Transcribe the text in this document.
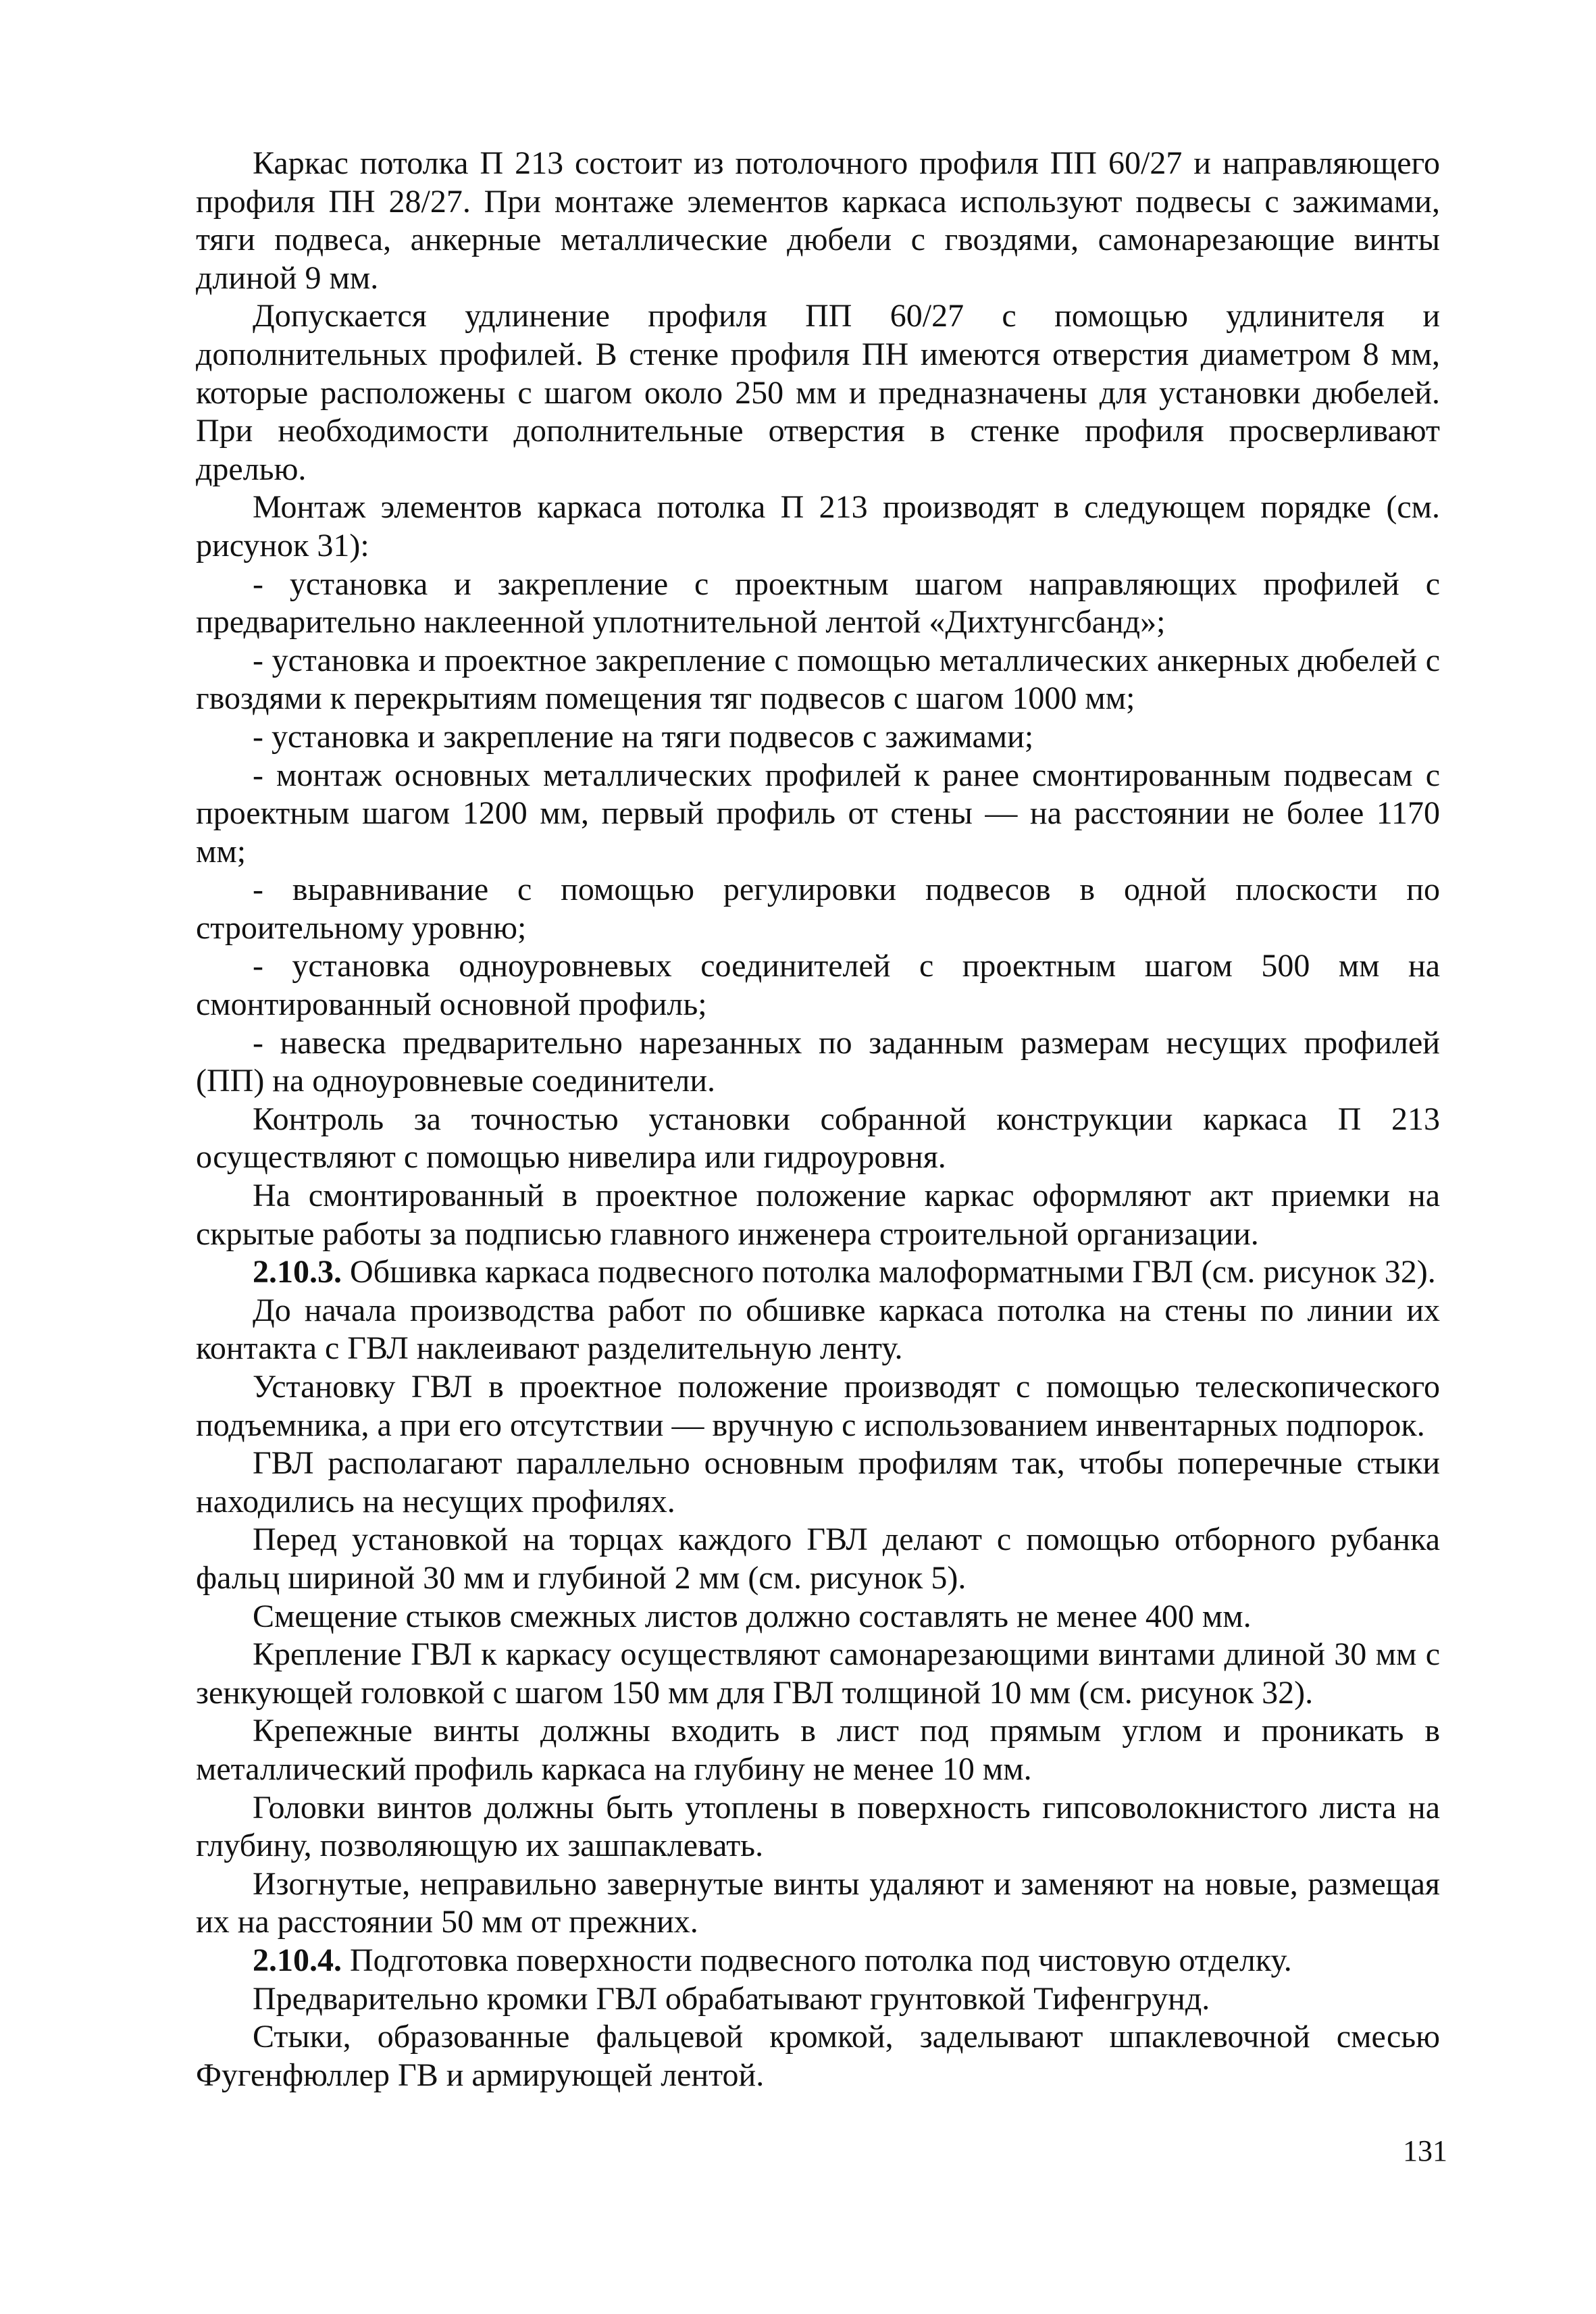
Каркас потолка П 213 состоит из потолочного профиля ПП 60/27 и направляющего профиля ПН 28/27. При монтаже элементов каркаса используют подвесы с зажимами, тяги подвеса, анкерные металлические дюбели с гвоздями, самонарезающие винты длиной 9 мм.

Допускается удлинение профиля ПП 60/27 с помощью удлинителя и дополнительных профилей. В стенке профиля ПН имеются отверстия диаметром 8 мм, которые расположены с шагом около 250 мм и предназначены для установки дюбелей. При необходимости дополнительные отверстия в стенке профиля просверливают дрелью.

Монтаж элементов каркаса потолка П 213 производят в следующем порядке (см. рисунок 31):

- установка и закрепление с проектным шагом направляющих профилей с предварительно наклеенной уплотнительной лентой «Дихтунгсбанд»;

- установка и проектное закрепление с помощью металлических анкерных дюбелей с гвоздями к перекрытиям помещения тяг подвесов с шагом 1000 мм;

- установка и закрепление на тяги подвесов с зажимами;

- монтаж основных металлических профилей к ранее смонтированным подвесам с проектным шагом 1200 мм, первый профиль от стены — на расстоянии не более 1170 мм;

- выравнивание с помощью регулировки подвесов в одной плоскости по строительному уровню;

- установка одноуровневых соединителей с проектным шагом 500 мм на смонтированный основной профиль;

- навеска предварительно нарезанных по заданным размерам несущих профилей (ПП) на одноуровневые соединители.

Контроль за точностью установки собранной конструкции каркаса П 213 осуществляют с помощью нивелира или гидроуровня.

На смонтированный в проектное положение каркас оформляют акт приемки на скрытые работы за подписью главного инженера строительной организации.

2.10.3. Обшивка каркаса подвесного потолка малоформатными ГВЛ (см. рисунок 32).

До начала производства работ по обшивке каркаса потолка на стены по линии их контакта с ГВЛ наклеивают разделительную ленту.

Установку ГВЛ в проектное положение производят с помощью телескопического подъемника, а при его отсутствии — вручную с использованием инвентарных подпорок.

ГВЛ располагают параллельно основным профилям так, чтобы поперечные стыки находились на несущих профилях.

Перед установкой на торцах каждого ГВЛ делают с помощью отборного рубанка фальц шириной 30 мм и глубиной 2 мм (см. рисунок 5).

Смещение стыков смежных листов должно составлять не менее 400 мм.

Крепление ГВЛ к каркасу осуществляют самонарезающими винтами длиной 30 мм с зенкующей головкой с шагом 150 мм для ГВЛ толщиной 10 мм (см. рисунок 32).

Крепежные винты должны входить в лист под прямым углом и проникать в металлический профиль каркаса на глубину не менее 10 мм.

Головки винтов должны быть утоплены в поверхность гипсоволокнистого листа на глубину, позволяющую их зашпаклевать.

Изогнутые, неправильно завернутые винты удаляют и заменяют на новые, размещая их на расстоянии 50 мм от прежних.

2.10.4. Подготовка поверхности подвесного потолка под чистовую отделку.

Предварительно кромки ГВЛ обрабатывают грунтовкой Тифенгрунд.

Стыки, образованные фальцевой кромкой, заделывают шпаклевочной смесью Фугенфюллер ГВ и армирующей лентой.

131
